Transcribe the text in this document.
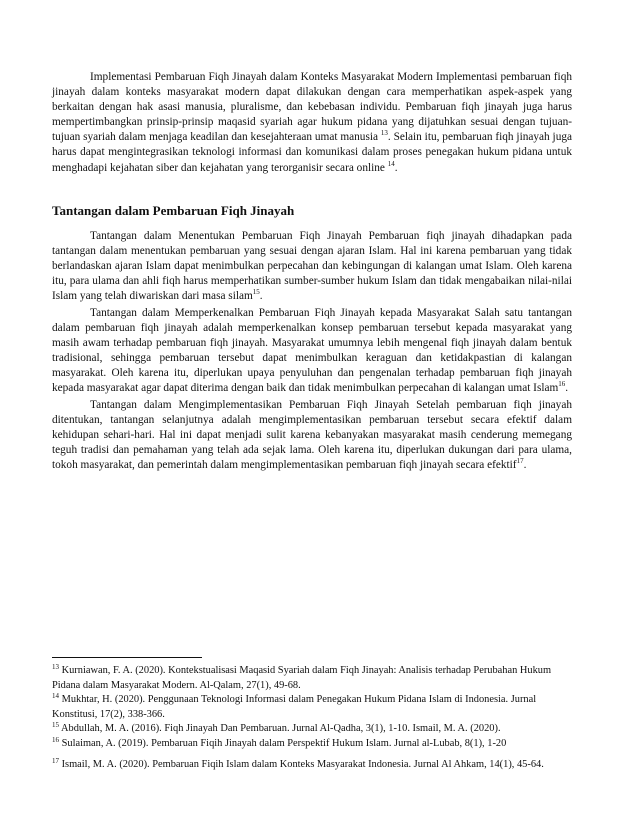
Implementasi Pembaruan Fiqh Jinayah dalam Konteks Masyarakat Modern Implementasi pembaruan fiqh jinayah dalam konteks masyarakat modern dapat dilakukan dengan cara memperhatikan aspek-aspek yang berkaitan dengan hak asasi manusia, pluralisme, dan kebebasan individu. Pembaruan fiqh jinayah juga harus mempertimbangkan prinsip-prinsip maqasid syariah agar hukum pidana yang dijatuhkan sesuai dengan tujuan-tujuan syariah dalam menjaga keadilan dan kesejahteraan umat manusia $^{13}$. Selain itu, pembaruan fiqh jinayah juga harus dapat mengintegrasikan teknologi informasi dan komunikasi dalam proses penegakan hukum pidana untuk menghadapi kejahatan siber dan kejahatan yang terorganisir secara online $^{14}$.

Tantangan dalam Pembaruan Fiqh Jinayah

Tantangan dalam Menentukan Pembaruan Fiqh Jinayah Pembaruan fiqh jinayah dihadapkan pada tantangan dalam menentukan pembaruan yang sesuai dengan ajaran Islam. Hal ini karena pembaruan yang tidak berlandaskan ajaran Islam dapat menimbulkan perpecahan dan kebingungan di kalangan umat Islam. Oleh karena itu, para ulama dan ahli fiqh harus memperhatikan sumber-sumber hukum Islam dan tidak mengabaikan nilai-nilai Islam yang telah diwariskan dari masa silam$^{15}$.

Tantangan dalam Memperkenalkan Pembaruan Fiqh Jinayah kepada Masyarakat Salah satu tantangan dalam pembaruan fiqh jinayah adalah memperkenalkan konsep pembaruan tersebut kepada masyarakat yang masih awam terhadap pembaruan fiqh jinayah. Masyarakat umumnya lebih mengenal fiqh jinayah dalam bentuk tradisional, sehingga pembaruan tersebut dapat menimbulkan keraguan dan ketidakpastian di kalangan masyarakat. Oleh karena itu, diperlukan upaya penyuluhan dan pengenalan terhadap pembaruan fiqh jinayah kepada masyarakat agar dapat diterima dengan baik dan tidak menimbulkan perpecahan di kalangan umat Islam$^{16}$.

Tantangan dalam Mengimplementasikan Pembaruan Fiqh Jinayah Setelah pembaruan fiqh jinayah ditentukan, tantangan selanjutnya adalah mengimplementasikan pembaruan tersebut secara efektif dalam kehidupan sehari-hari. Hal ini dapat menjadi sulit karena kebanyakan masyarakat masih cenderung memegang teguh tradisi dan pemahaman yang telah ada sejak lama. Oleh karena itu, diperlukan dukungan dari para ulama, tokoh masyarakat, dan pemerintah dalam mengimplementasikan pembaruan fiqh jinayah secara efektif$^{17}$.

$^{13}$ Kurniawan, F. A. (2020). Kontekstualisasi Maqasid Syariah dalam Fiqh Jinayah: Analisis terhadap Perubahan Hukum Pidana dalam Masyarakat Modern. Al-Qalam, 27(1), 49-68.

$^{14}$ Mukhtar, H. (2020). Penggunaan Teknologi Informasi dalam Penegakan Hukum Pidana Islam di Indonesia. Jurnal Konstitusi, 17(2), 338-366.

$^{15}$ Abdullah, M. A. (2016). Fiqh Jinayah Dan Pembaruan. Jurnal Al-Qadha, 3(1), 1-10. Ismail, M. A. (2020).

$^{16}$ Sulaiman, A. (2019). Pembaruan Fiqih Jinayah dalam Perspektif Hukum Islam. Jurnal al-Lubab, 8(1), 1-20

$^{17}$ Ismail, M. A. (2020). Pembaruan Fiqih Islam dalam Konteks Masyarakat Indonesia. Jurnal Al Ahkam, 14(1), 45-64.
